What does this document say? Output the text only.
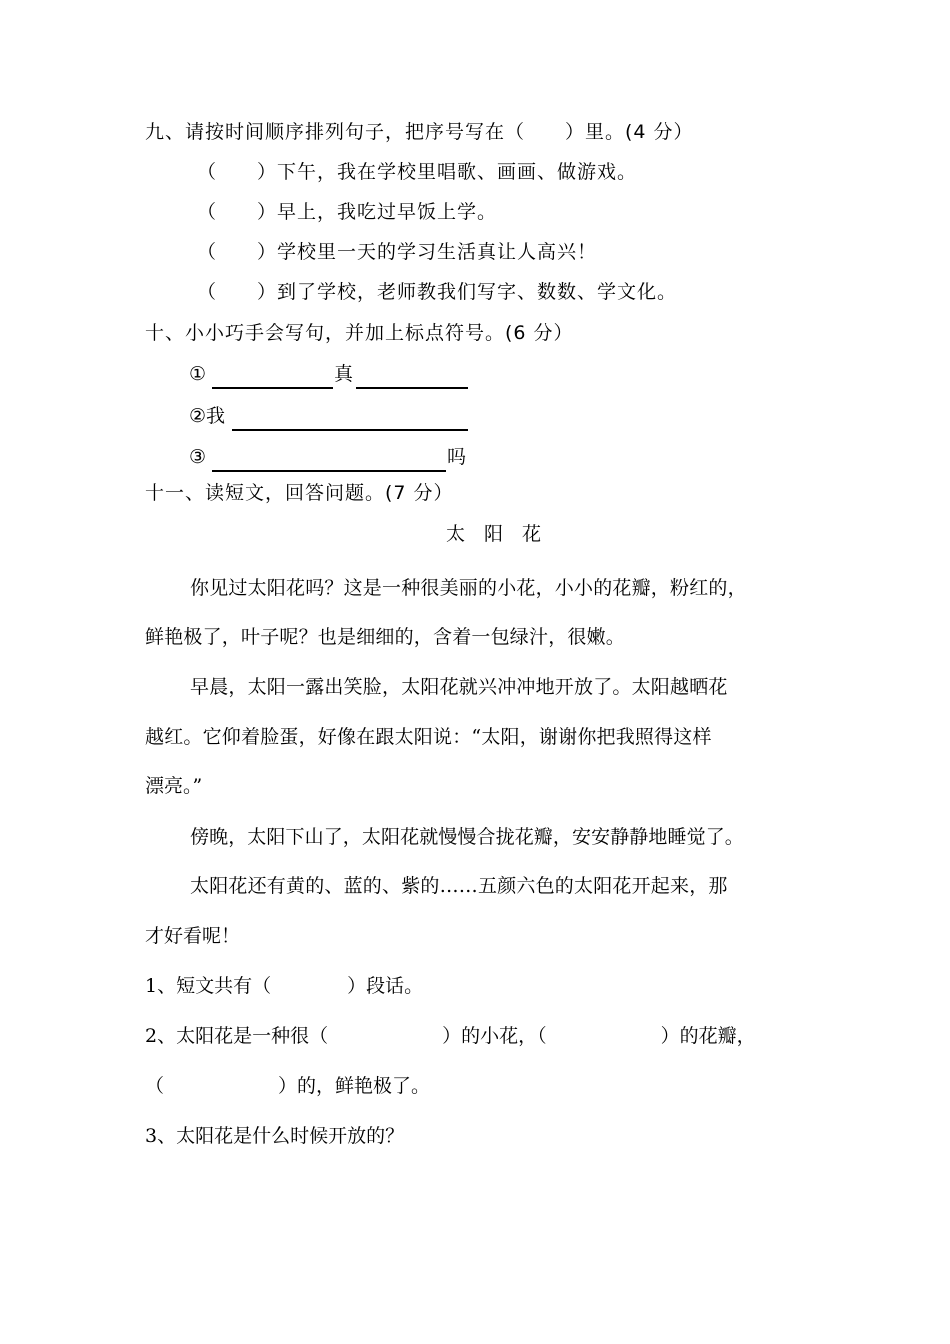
九、请按时间顺序排列句子，把序号写在（　　）里。(4 分）
（　　）下午，我在学校里唱歌、画画、做游戏。
（　　）早上，我吃过早饭上学。
（　　）学校里一天的学习生活真让人高兴！
（　　）到了学校，老师教我们写字、数数、学文化。
十、小小巧手会写句，并加上标点符号。(6 分）
①	真
②我
③	吗
十一、读短文，回答问题。(7 分）
太　阳　花
你见过太阳花吗？这是一种很美丽的小花，小小的花瓣，粉红的，
鲜艳极了，叶子呢？也是细细的，含着一包绿汁，很嫩。
早晨，太阳一露出笑脸，太阳花就兴冲冲地开放了。太阳越晒花
越红。它仰着脸蛋，好像在跟太阳说：“太阳，谢谢你把我照得这样
漂亮。”
傍晚，太阳下山了，太阳花就慢慢合拢花瓣，安安静静地睡觉了。
太阳花还有黄的、蓝的、紫的……五颜六色的太阳花开起来，那
才好看呢！
1、短文共有（　　　　）段话。
2、太阳花是一种很（　　　　　　）的小花，（　　　　　　）的花瓣，
（　　　　　　）的，鲜艳极了。
3、太阳花是什么时候开放的？
